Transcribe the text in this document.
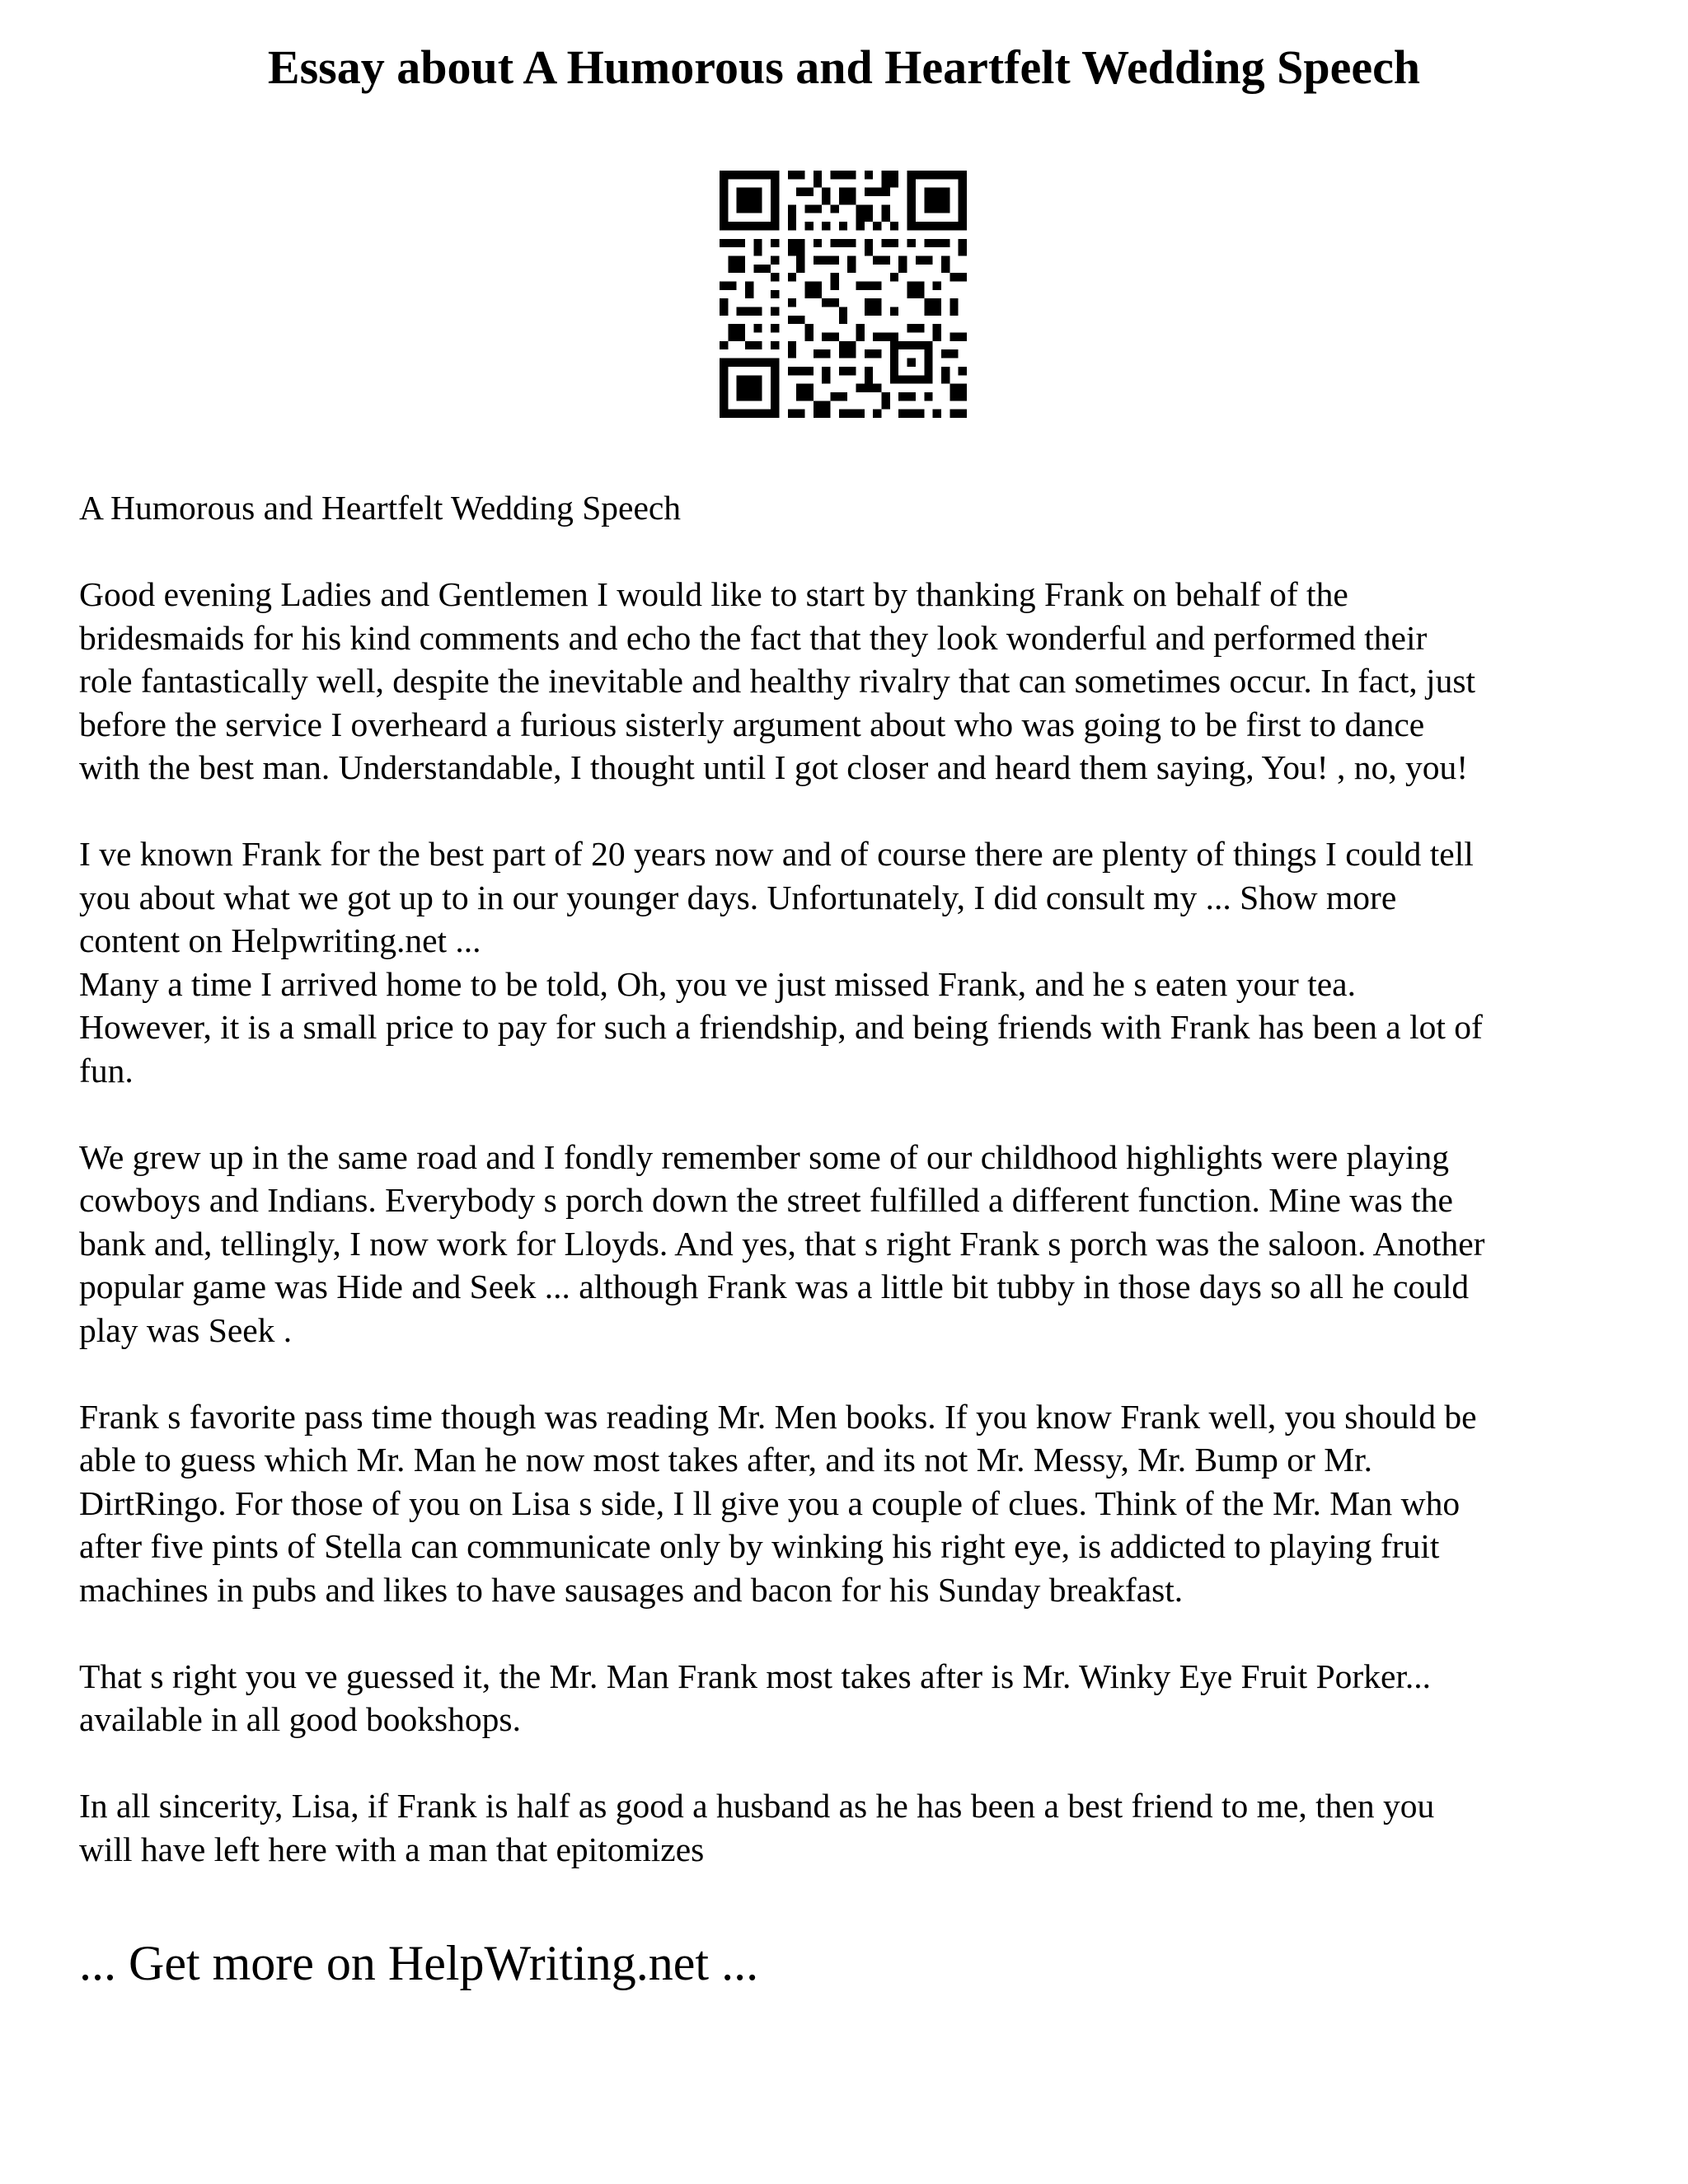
Essay about A Humorous and Heartfelt Wedding Speech

A Humorous and Heartfelt Wedding Speech

Good evening Ladies and Gentlemen I would like to start by thanking Frank on behalf of the
bridesmaids for his kind comments and echo the fact that they look wonderful and performed their
role fantastically well, despite the inevitable and healthy rivalry that can sometimes occur. In fact, just
before the service I overheard a furious sisterly argument about who was going to be first to dance
with the best man. Understandable, I thought until I got closer and heard them saying, You! , no, you!

I ve known Frank for the best part of 20 years now and of course there are plenty of things I could tell
you about what we got up to in our younger days. Unfortunately, I did consult my ... Show more
content on Helpwriting.net ...

Many a time I arrived home to be told, Oh, you ve just missed Frank, and he s eaten your tea.
However, it is a small price to pay for such a friendship, and being friends with Frank has been a lot of
fun.

We grew up in the same road and I fondly remember some of our childhood highlights were playing
cowboys and Indians. Everybody s porch down the street fulfilled a different function. Mine was the
bank and, tellingly, I now work for Lloyds. And yes, that s right Frank s porch was the saloon. Another
popular game was Hide and Seek ... although Frank was a little bit tubby in those days so all he could
play was Seek .

Frank s favorite pass time though was reading Mr. Men books. If you know Frank well, you should be
able to guess which Mr. Man he now most takes after, and its not Mr. Messy, Mr. Bump or Mr.
DirtRingo. For those of you on Lisa s side, I ll give you a couple of clues. Think of the Mr. Man who
after five pints of Stella can communicate only by winking his right eye, is addicted to playing fruit
machines in pubs and likes to have sausages and bacon for his Sunday breakfast.

That s right you ve guessed it, the Mr. Man Frank most takes after is Mr. Winky Eye Fruit Porker...
available in all good bookshops.

In all sincerity, Lisa, if Frank is half as good a husband as he has been a best friend to me, then you
will have left here with a man that epitomizes

... Get more on HelpWriting.net ...
